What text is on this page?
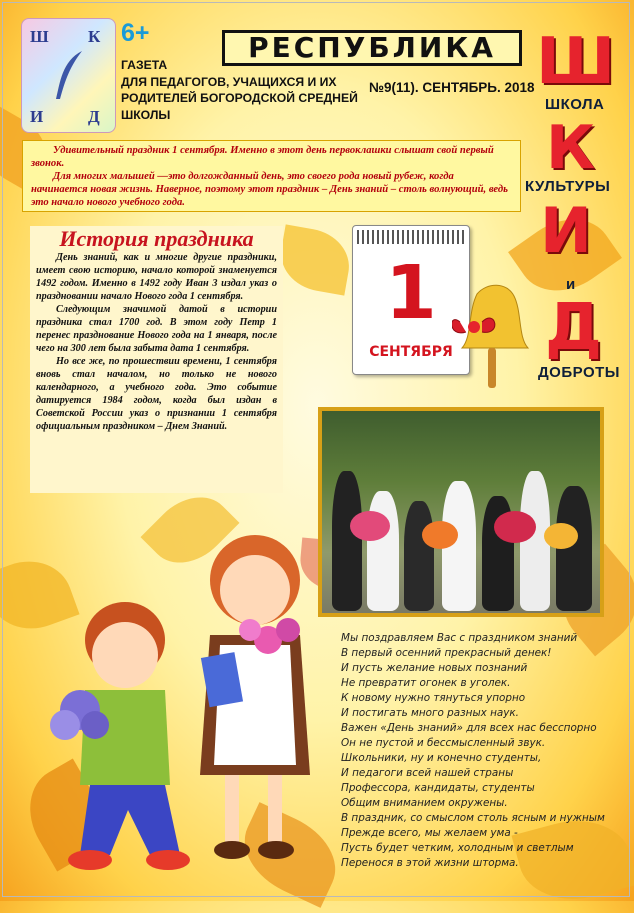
Ш К
И	Д
6+
ГАЗЕТА
ДЛЯ ПЕДАГОГОВ, УЧАЩИХСЯ И ИХ
РОДИТЕЛЕЙ БОГОРОДСКОЙ СРЕДНЕЙ
ШКОЛЫ
РЕСПУБЛИКА
№9(11). СЕНТЯБРЬ. 2018 Ш
ШКОЛА
К
КУЛЬТУРЫ
И
и
Д
ДОБРОТЫ

Удивительный праздник 1 сентября. Именно в этот день первоклашки слышат свой первый звонок.

Для многих малышей —это долгожданный день, это своего рода новый рубеж, когда начинается новая жизнь. Наверное, поэтому этот праздник – День знаний – столь волнующий, ведь это начало нового учебного года.

История праздника

День знаний, как и многие другие праздники, имеет свою историю, начало которой знаменуется 1492 годом. Именно в 1492 году Иван 3 издал указ о праздновании начало Нового года 1 сентября.

Следующим значимой датой в истории праздника стал 1700 год. В этом году Петр 1 перенес празднование Нового года на 1 января, после чего на 300 лет была забыта дата 1 сентября.

Но все же, по прошествии времени, 1 сентября вновь стал началом, но только не нового календарного, а учебного года. Это событие датируется 1984 годом, когда был издан в Советской России указ о признании 1 сентября официальным праздником – Днем Знаний.

1
СЕНТЯБРЯ
Мы поздравляем Вас с праздником знаний
В первый осенний прекрасный денек!
И пусть желание новых познаний
Не превратит огонек в уголек.
К новому нужно тянуться упорно
И постигать много разных наук.
Важен «День знаний» для всех нас бесспорно
Он не пустой и бессмысленный звук.
Школьники, ну и конечно студенты,
И педагоги всей нашей страны
Профессора, кандидаты, студенты
Общим вниманием окружены.
В праздник, со смыслом столь ясным и нужным
Прежде всего, мы желаем ума -
Пусть будет четким, холодным и светлым
Перенося в этой жизни шторма.
